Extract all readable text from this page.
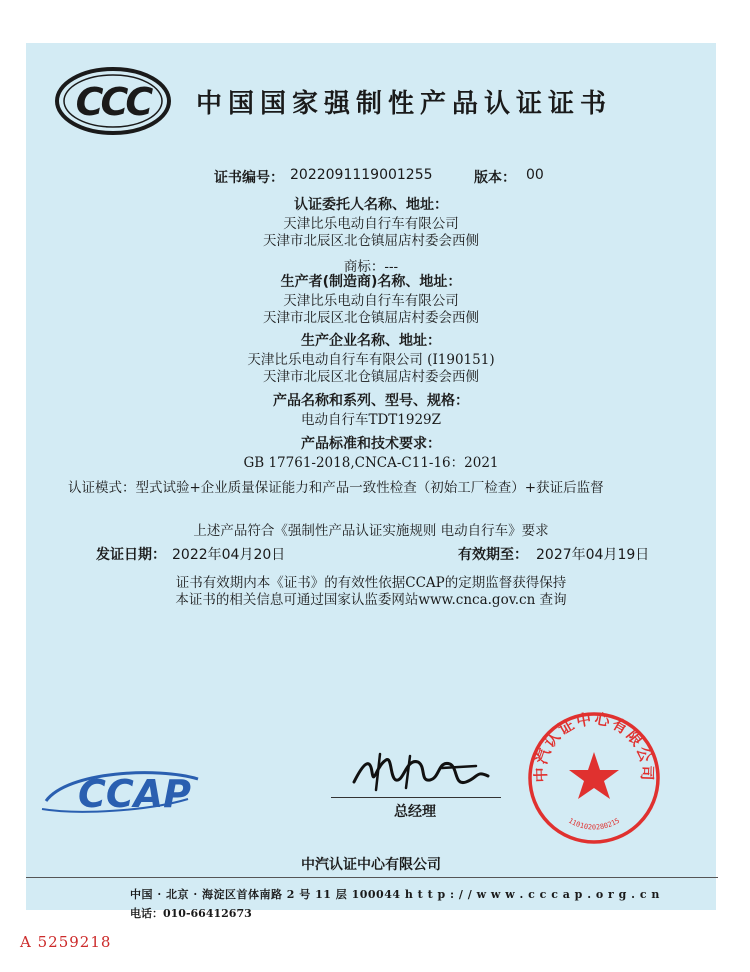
CCC 中国国家强制性产品认证证书
证书编号： 2022091119001255	版本： 00
认证委托人名称、地址：
天津比乐电动自行车有限公司
天津市北辰区北仓镇屈店村委会西侧
商标：---
生产者(制造商)名称、地址：
天津比乐电动自行车有限公司
天津市北辰区北仓镇屈店村委会西侧
生产企业名称、地址：
天津比乐电动自行车有限公司 (I190151)
天津市北辰区北仓镇屈店村委会西侧
产品名称和系列、型号、规格：
电动自行车TDT1929Z
产品标准和技术要求：
GB 17761-2018,CNCA-C11-16：2021
认证模式：型式试验+企业质量保证能力和产品一致性检查（初始工厂检查）+获证后监督
上述产品符合《强制性产品认证实施规则 电动自行车》要求
发证日期： 2022年04月20日	有效期至： 2027年04月19日
证书有效期内本《证书》的有效性依据CCAP的定期监督获得保持
本证书的相关信息可通过国家认监委网站www.cnca.gov.cn 查询
CCAP	总经理
中汽认证中心有限公司
1101020280215
中汽认证中心有限公司
中国 · 北京 · 海淀区首体南路 2 号 11 层 100044 h t t p : / / w w w . c c c a p . o r g . c n
电话：010-66412673
A 5259218
